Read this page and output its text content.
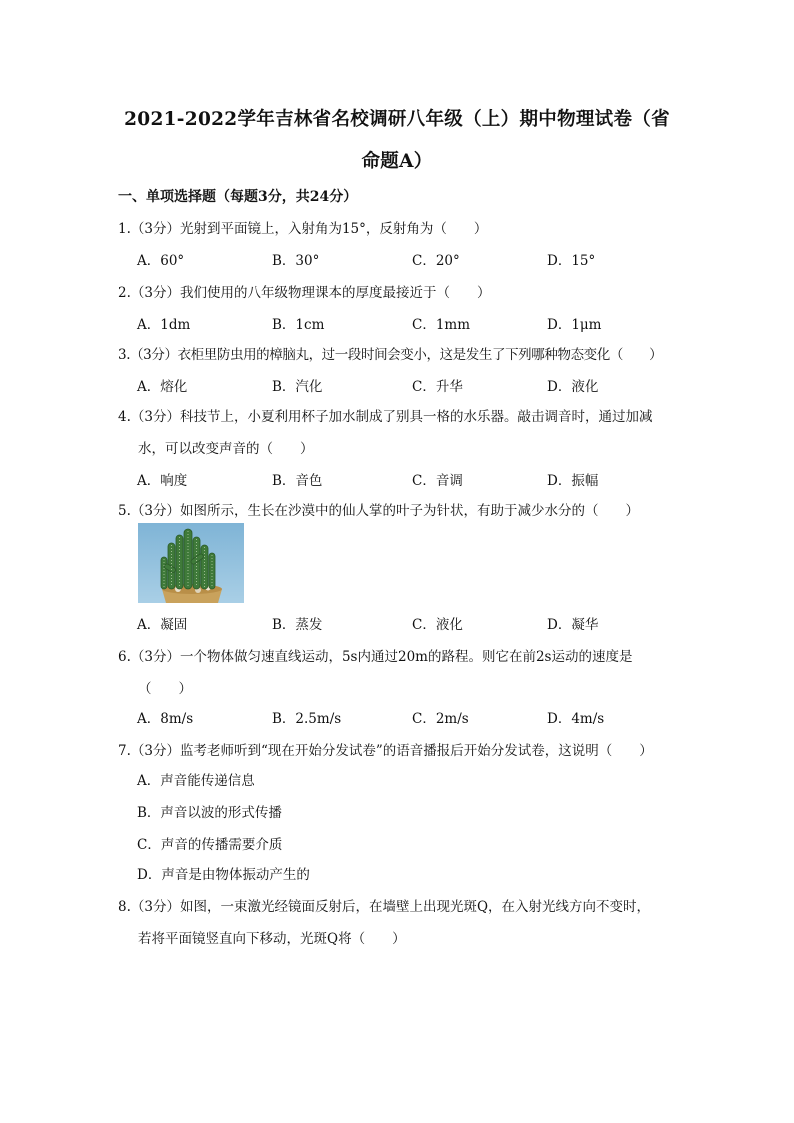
2021-2022学年吉林省名校调研八年级（上）期中物理试卷（省
命题A）
一、单项选择题（每题3分，共24分）
1.（3分）光射到平面镜上，入射角为15°，反射角为（　　）
A．60°	B．30°	C．20°	D．15°
2.（3分）我们使用的八年级物理课本的厚度最接近于（　　）
A．1dm	B．1cm	C．1mm	D．1μm
3.（3分）衣柜里防虫用的樟脑丸，过一段时间会变小，这是发生了下列哪种物态变化（　　）
A．熔化	B．汽化	C．升华	D．液化
4.（3分）科技节上，小夏利用杯子加水制成了别具一格的水乐器。敲击调音时，通过加减
水，可以改变声音的（　　）
A．响度	B．音色	C．音调	D．振幅
5.（3分）如图所示，生长在沙漠中的仙人掌的叶子为针状，有助于减少水分的（　　）
A．凝固	B．蒸发	C．液化	D．凝华
6.（3分）一个物体做匀速直线运动，5s内通过20m的路程。则它在前2s运动的速度是
（　　）
A．8m/s	B．2.5m/s	C．2m/s	D．4m/s
7.（3分）监考老师听到“现在开始分发试卷”的语音播报后开始分发试卷，这说明（　　）
A．声音能传递信息
B．声音以波的形式传播
C．声音的传播需要介质
D．声音是由物体振动产生的
8.（3分）如图，一束激光经镜面反射后，在墙壁上出现光斑Q，在入射光线方向不变时，
若将平面镜竖直向下移动，光斑Q将（　　）
